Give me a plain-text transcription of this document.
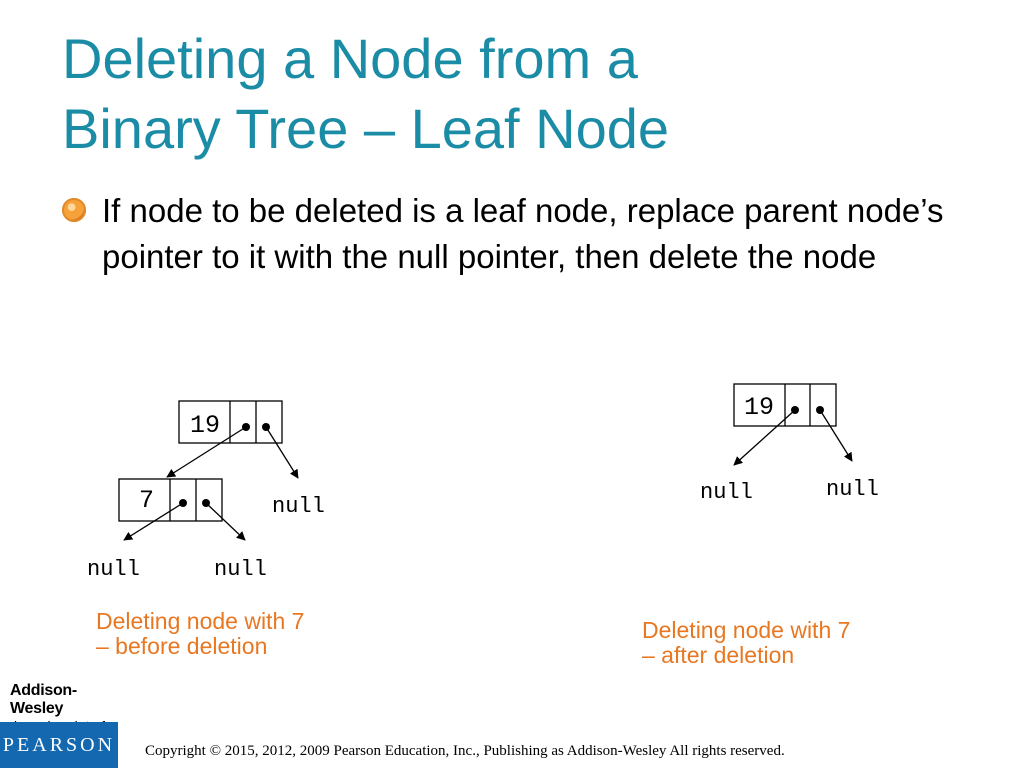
Deleting a Node from a
Binary Tree – Leaf Node
If node to be deleted is a leaf node, replace parent node’s pointer to it with the null pointer, then delete the node
19
null
7
null	null
19
null	null
Deleting node with 7
– before deletion
Deleting node with 7
– after deletion
Addison-Wesley
PEARSON Copyright © 2015, 2012, 2009 Pearson Education, Inc., Publishing as Addison-Wesley All rights reserved.
